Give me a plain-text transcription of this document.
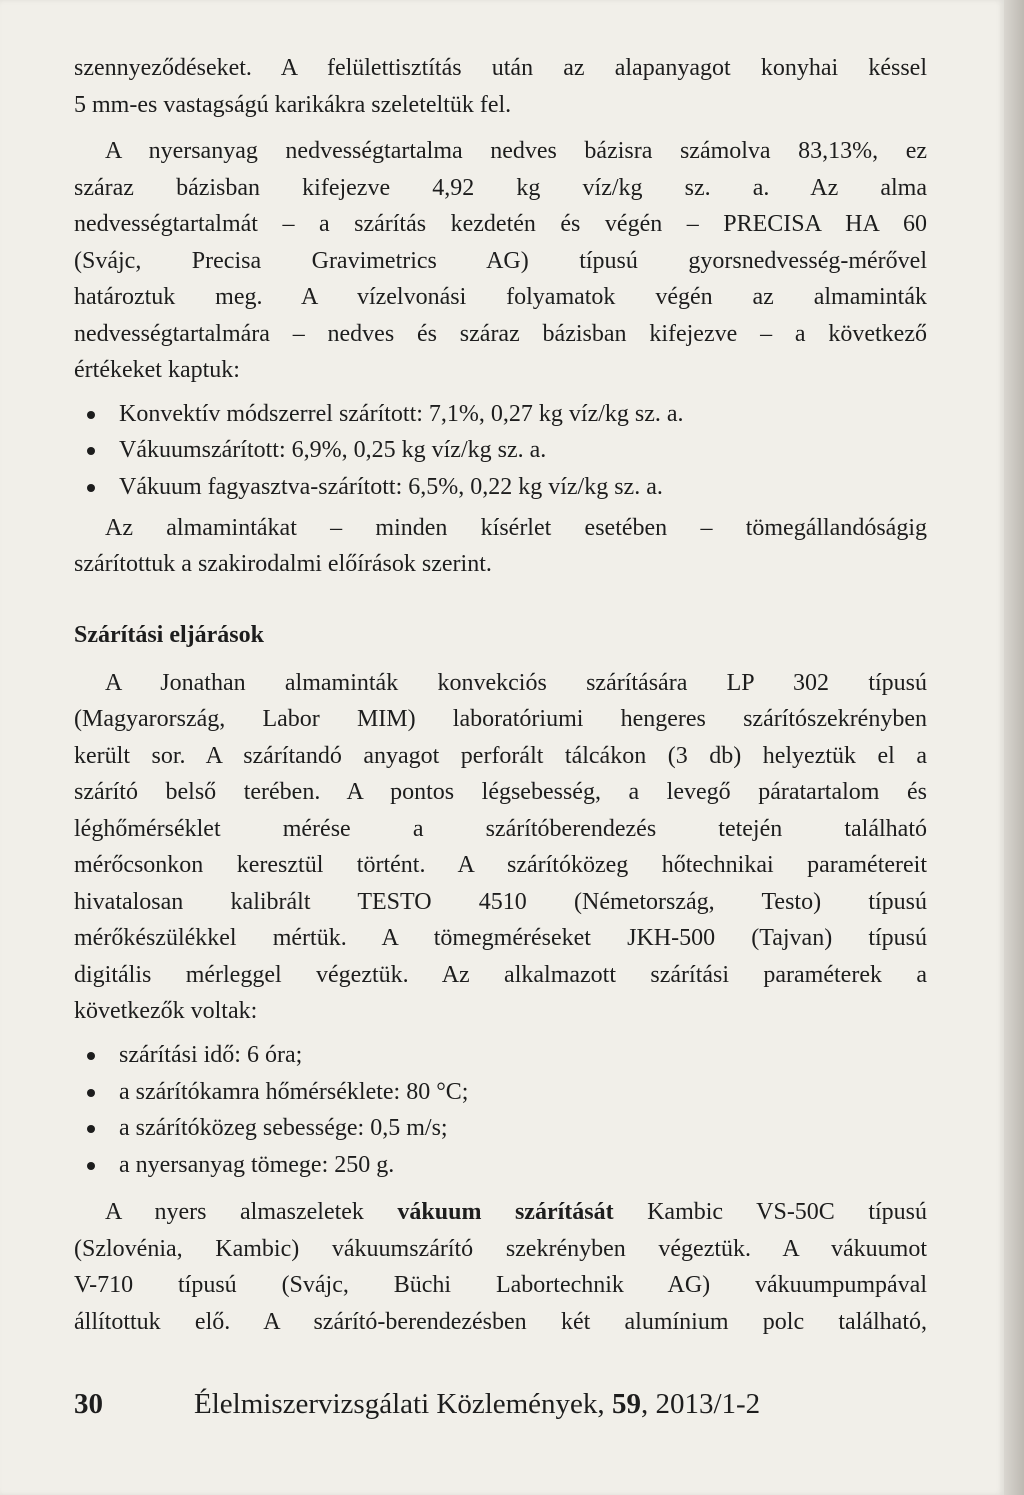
szennyeződéseket. A felülettisztítás után az alapanyagot konyhai késsel

5 mm-es vastagságú karikákra szeleteltük fel.

A nyersanyag nedvességtartalma nedves bázisra számolva 83,13%, ez

száraz bázisban kifejezve 4,92 kg víz/kg sz. a. Az alma

nedvességtartalmát – a szárítás kezdetén és végén – PRECISA HA 60

(Svájc, Precisa Gravimetrics AG) típusú gyorsnedvesség-mérővel

határoztuk meg. A vízelvonási folyamatok végén az almaminták

nedvességtartalmára – nedves és száraz bázisban kifejezve – a következő

értékeket kaptuk:

Konvektív módszerrel szárított: 7,1%, 0,27 kg víz/kg sz. a.
Vákuumszárított: 6,9%, 0,25 kg víz/kg sz. a.
Vákuum fagyasztva-szárított: 6,5%, 0,22 kg víz/kg sz. a.

Az almamintákat – minden kísérlet esetében – tömegállandóságig

szárítottuk a szakirodalmi előírások szerint.

Szárítási eljárások

A Jonathan almaminták konvekciós szárítására LP 302 típusú

(Magyarország, Labor MIM) laboratóriumi hengeres szárítószekrényben

került sor. A szárítandó anyagot perforált tálcákon (3 db) helyeztük el a

szárító belső terében. A pontos légsebesség, a levegő páratartalom és

léghőmérséklet mérése a szárítóberendezés tetején található

mérőcsonkon keresztül történt. A szárítóközeg hőtechnikai paramétereit

hivatalosan kalibrált TESTO 4510 (Németország, Testo) típusú

mérőkészülékkel mértük. A tömegméréseket JKH-500 (Tajvan) típusú

digitális mérleggel végeztük. Az alkalmazott szárítási paraméterek a

következők voltak:

szárítási idő: 6 óra;
a szárítókamra hőmérséklete: 80 °C;
a szárítóközeg sebessége: 0,5 m/s;
a nyersanyag tömege: 250 g.

A nyers almaszeletek vákuum szárítását Kambic VS-50C típusú

(Szlovénia, Kambic) vákuumszárító szekrényben végeztük. A vákuumot

V-710 típusú (Svájc, Büchi Labortechnik AG) vákuumpumpával

állítottuk elő. A szárító-berendezésben két alumínium polc található,

30	Élelmiszervizsgálati Közlemények, 59, 2013/1-2
